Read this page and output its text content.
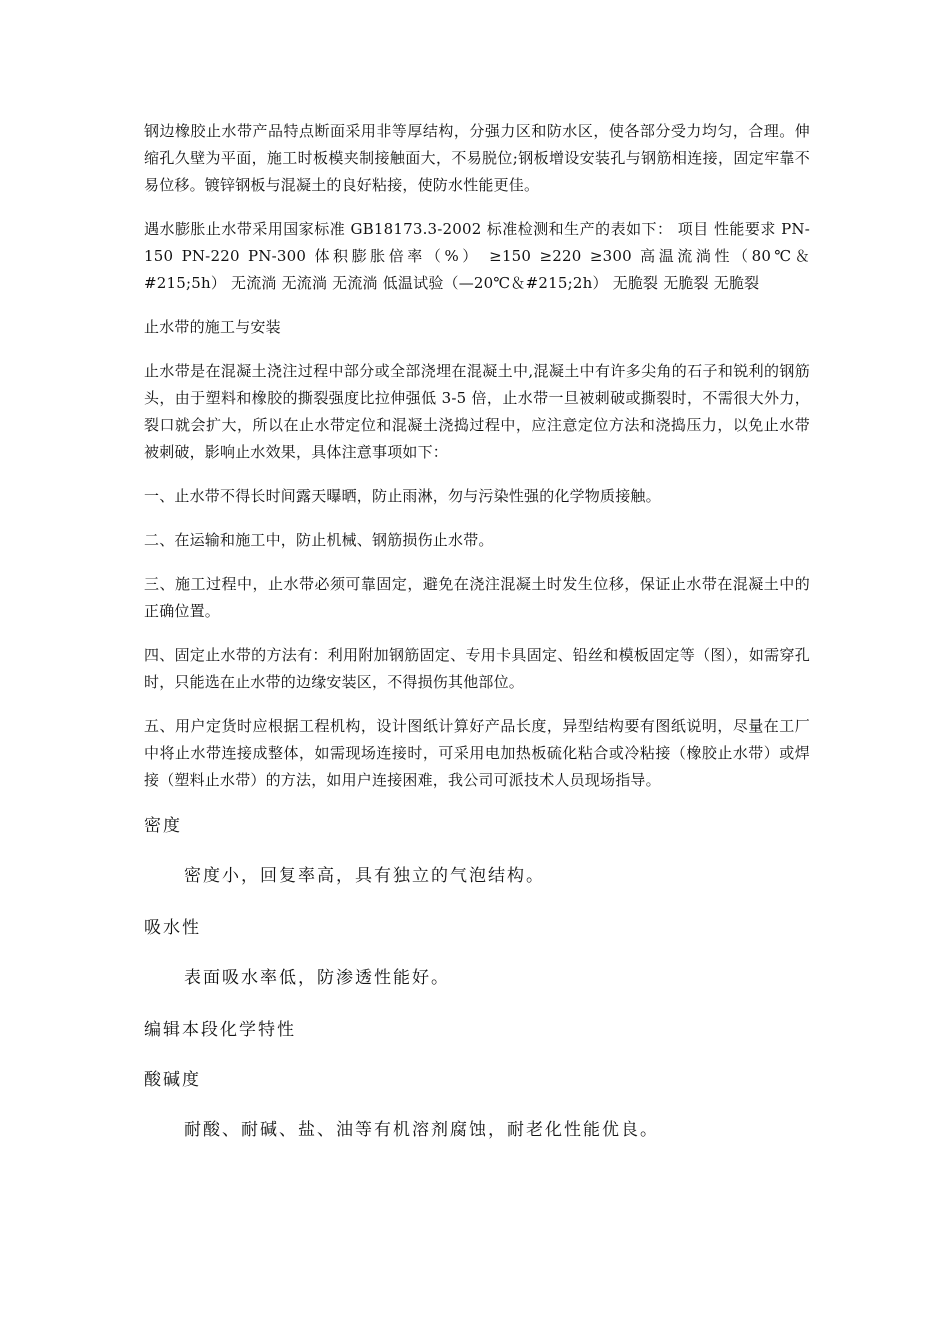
钢边橡胶止水带产品特点断面采用非等厚结构，分强力区和防水区，使各部分受力均匀，合理。伸缩孔久壁为平面，施工时板模夹制接触面大，不易脱位;钢板增设安装孔与钢筋相连接，固定牢靠不易位移。镀锌钢板与混凝土的良好粘接，使防水性能更佳。

遇水膨胀止水带采用国家标准 GB18173.3-2002 标准检测和生产的表如下： 项目 性能要求 PN-150 PN-220 PN-300 体积膨胀倍率（%） ≥150 ≥220 ≥300 高温流淌性（80℃＆#215;5h） 无流淌 无流淌 无流淌 低温试验（—20℃＆#215;2h） 无脆裂 无脆裂 无脆裂

止水带的施工与安装

止水带是在混凝土浇注过程中部分或全部浇埋在混凝土中,混凝土中有许多尖角的石子和锐利的钢筋头，由于塑料和橡胶的撕裂强度比拉伸强低 3-5 倍，止水带一旦被刺破或撕裂时，不需很大外力，裂口就会扩大，所以在止水带定位和混凝土浇捣过程中，应注意定位方法和浇捣压力，以免止水带被刺破，影响止水效果，具体注意事项如下：

一、止水带不得长时间露天曝晒，防止雨淋，勿与污染性强的化学物质接触。

二、在运输和施工中，防止机械、钢筋损伤止水带。

三、施工过程中，止水带必须可靠固定，避免在浇注混凝土时发生位移，保证止水带在混凝土中的正确位置。

四、固定止水带的方法有：利用附加钢筋固定、专用卡具固定、铅丝和模板固定等（图），如需穿孔时，只能选在止水带的边缘安装区，不得损伤其他部位。

五、用户定货时应根据工程机构，设计图纸计算好产品长度，异型结构要有图纸说明，尽量在工厂中将止水带连接成整体，如需现场连接时，可采用电加热板硫化粘合或冷粘接（橡胶止水带）或焊接（塑料止水带）的方法，如用户连接困难，我公司可派技术人员现场指导。

密度

密度小，回复率高，具有独立的气泡结构。

吸水性

表面吸水率低，防渗透性能好。

编辑本段化学特性

酸碱度

耐酸、耐碱、盐、油等有机溶剂腐蚀，耐老化性能优良。
